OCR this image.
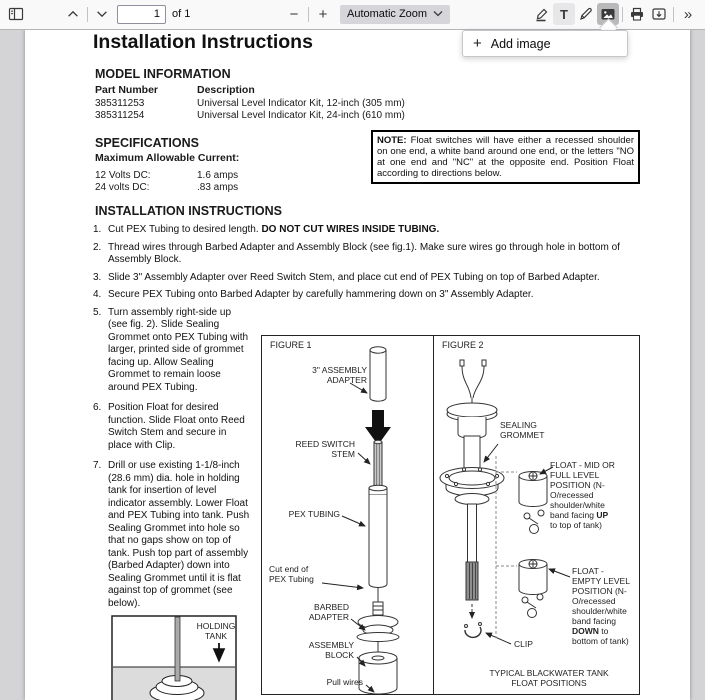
1
of 1	− + Automatic Zoom	T	»
+ Add image
Installation Instructions
MODEL INFORMATION
Part Number	Description
385311253	Universal Level Indicator Kit, 12-inch (305 mm)
385311254	Universal Level Indicator Kit, 24-inch (610 mm)
SPECIFICATIONS
Maximum Allowable Current:
12 Volts DC:	1.6 amps
24 volts DC:	.83 amps
NOTE: Float switches will have either a recessed shoulder on one end, a white band around one end, or the letters "NO at one end and "NC" at the opposite end. Position Float according to directions below.
INSTALLATION INSTRUCTIONS
1. Cut PEX Tubing to desired length. DO NOT CUT WIRES INSIDE TUBING.
2. Thread wires through Barbed Adapter and Assembly Block (see fig.1). Make sure wires go through hole in bottom of Assembly Block.
3. Slide 3" Assembly Adapter over Reed Switch Stem, and place cut end of PEX Tubing on top of Barbed Adapter.
4. Secure PEX Tubing onto Barbed Adapter by carefully hammering down on 3" Assembly Adapter.
FIGURE 1
3" ASSEMBLY ADAPTER
REED SWITCH STEM
PEX TUBING
Cut end of PEX Tubing
BARBED ADAPTER
ASSEMBLY BLOCK
Pull wires
FIGURE 2
SEALING GROMMET
FLOAT - MID OR FULL LEVEL POSITION (N-O/recessed shoulder/white band facing UP to top of tank)
FLOAT - EMPTY LEVEL POSITION (N-O/recessed shoulder/white band facing DOWN to bottom of tank)
CLIP
TYPICAL BLACKWATER TANK
FLOAT POSITIONS
5. Turn assembly right-side up (see fig. 2). Slide Sealing Grommet onto PEX Tubing with larger, printed side of grommet facing up. Allow Sealing Grommet to remain loose around PEX Tubing.
6. Position Float for desired function. Slide Float onto Reed Switch Stem and secure in place with Clip.
7. Drill or use existing 1-1/8-inch (28.6 mm) dia. hole in holding tank for insertion of level indicator assembly. Lower Float and PEX Tubing into tank. Push Sealing Grommet into hole so that no gaps show on top of tank. Push top part of assembly (Barbed Adapter) down into Sealing Grommet until it is flat against top of grommet (see below).
HOLDING TANK
